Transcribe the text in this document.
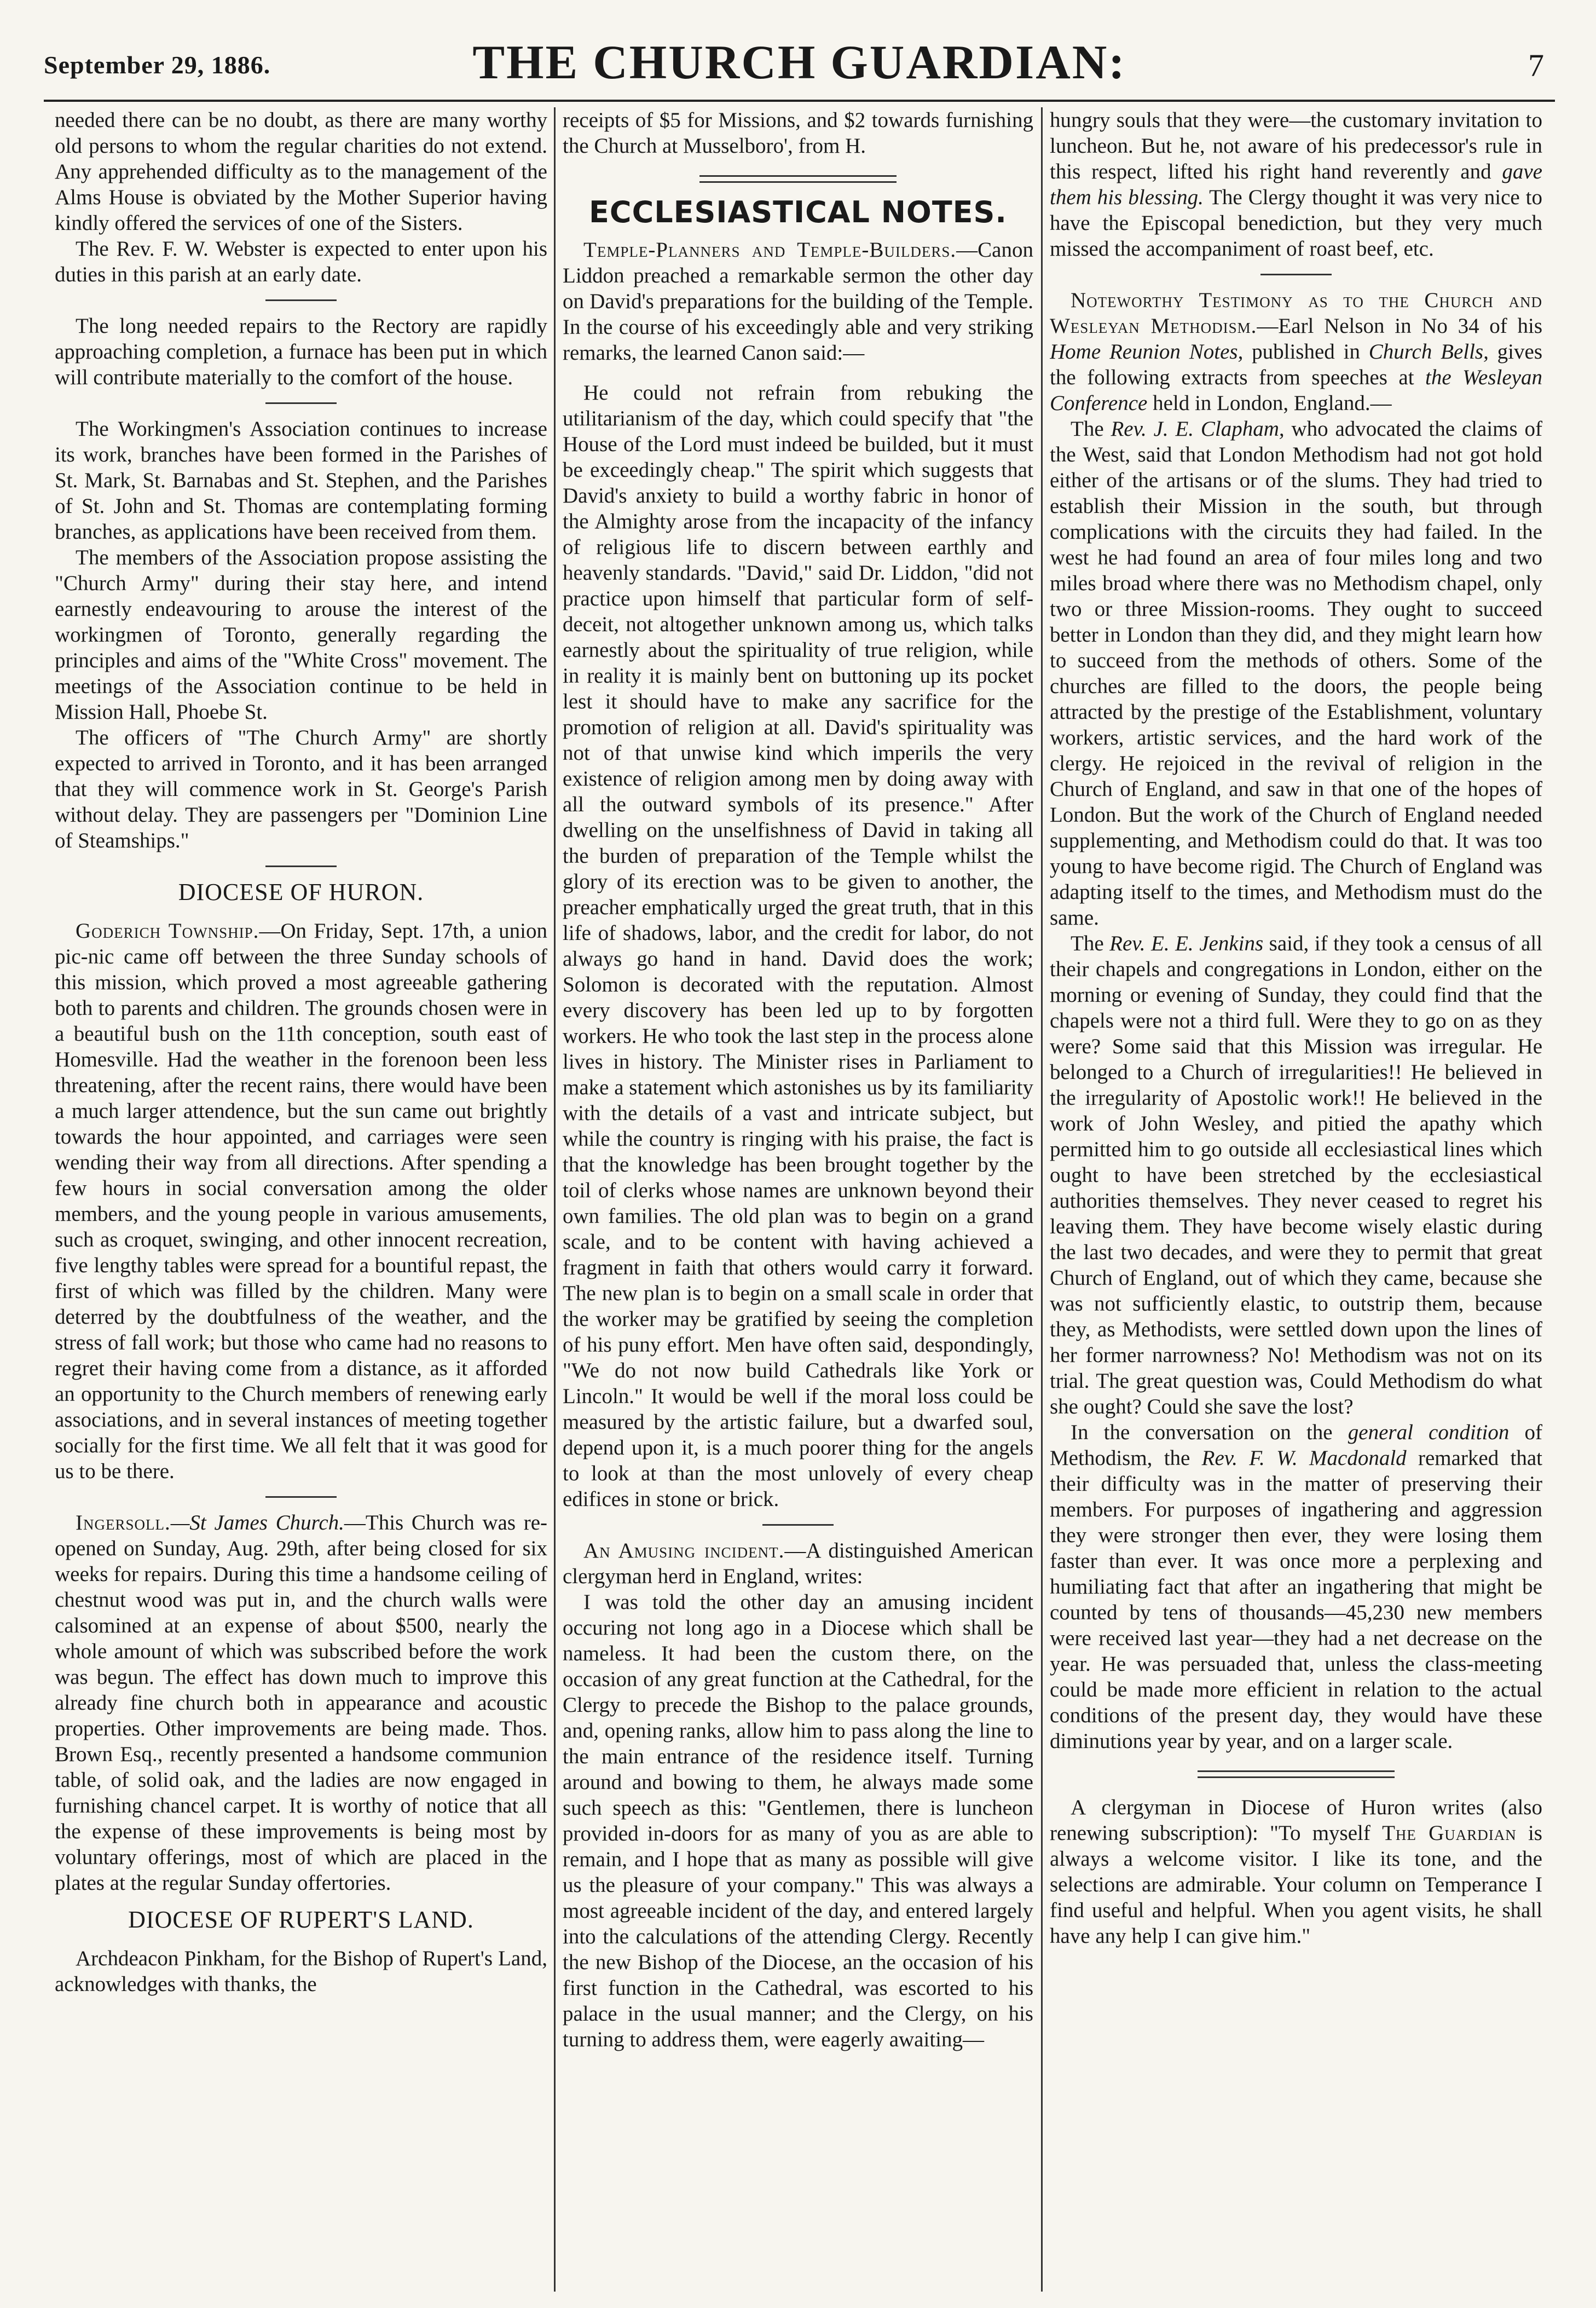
September 29, 1886.	THE CHURCH GUARDIAN:	7

needed there can be no doubt, as there are many worthy old persons to whom the regular charities do not extend. Any apprehended difficulty as to the management of the Alms House is obviated by the Mother Superior having kindly offered the services of one of the Sisters.

The Rev. F. W. Webster is expected to enter upon his duties in this parish at an early date.

The long needed repairs to the Rectory are rapidly approaching completion, a furnace has been put in which will contribute materially to the comfort of the house.

The Workingmen's Association continues to increase its work, branches have been formed in the Parishes of St. Mark, St. Barnabas and St. Stephen, and the Parishes of St. John and St. Thomas are contemplating forming branches, as applications have been received from them.

The members of the Association propose assisting the "Church Army" during their stay here, and intend earnestly endeavouring to arouse the interest of the workingmen of Toronto, generally regarding the principles and aims of the "White Cross" movement. The meetings of the Association continue to be held in Mission Hall, Phoebe St.

The officers of "The Church Army" are shortly expected to arrived in Toronto, and it has been arranged that they will commence work in St. George's Parish without delay. They are passengers per "Dominion Line of Steamships."

DIOCESE OF HURON.

Goderich Township.—On Friday, Sept. 17th, a union pic-nic came off between the three Sunday schools of this mission, which proved a most agreeable gathering both to parents and children. The grounds chosen were in a beautiful bush on the 11th conception, south east of Homesville. Had the weather in the forenoon been less threatening, after the recent rains, there would have been a much larger attendence, but the sun came out brightly towards the hour appointed, and carriages were seen wending their way from all directions. After spending a few hours in social conversation among the older members, and the young people in various amusements, such as croquet, swinging, and other innocent recreation, five lengthy tables were spread for a bountiful repast, the first of which was filled by the children. Many were deterred by the doubtfulness of the weather, and the stress of fall work; but those who came had no reasons to regret their having come from a distance, as it afforded an opportunity to the Church members of renewing early associations, and in several instances of meeting together socially for the first time. We all felt that it was good for us to be there.

Ingersoll.—St James Church.—This Church was re-opened on Sunday, Aug. 29th, after being closed for six weeks for repairs. During this time a handsome ceiling of chestnut wood was put in, and the church walls were calsomined at an expense of about $500, nearly the whole amount of which was subscribed before the work was begun. The effect has down much to improve this already fine church both in appearance and acoustic properties. Other improvements are being made. Thos. Brown Esq., recently presented a handsome communion table, of solid oak, and the ladies are now engaged in furnishing chancel carpet. It is worthy of notice that all the expense of these improvements is being most by voluntary offerings, most of which are placed in the plates at the regular Sunday offertories.

DIOCESE OF RUPERT'S LAND.

Archdeacon Pinkham, for the Bishop of Rupert's Land, acknowledges with thanks, the

receipts of $5 for Missions, and $2 towards furnishing the Church at Musselboro', from H.

ECCLESIASTICAL NOTES.

Temple-Planners and Temple-Builders.—Canon Liddon preached a remarkable sermon the other day on David's preparations for the building of the Temple. In the course of his exceedingly able and very striking remarks, the learned Canon said:—

He could not refrain from rebuking the utilitarianism of the day, which could specify that "the House of the Lord must indeed be builded, but it must be exceedingly cheap." The spirit which suggests that David's anxiety to build a worthy fabric in honor of the Almighty arose from the incapacity of the infancy of religious life to discern between earthly and heavenly standards. "David," said Dr. Liddon, "did not practice upon himself that particular form of self-deceit, not altogether unknown among us, which talks earnestly about the spirituality of true religion, while in reality it is mainly bent on buttoning up its pocket lest it should have to make any sacrifice for the promotion of religion at all. David's spirituality was not of that unwise kind which imperils the very existence of religion among men by doing away with all the outward symbols of its presence." After dwelling on the unselfishness of David in taking all the burden of preparation of the Temple whilst the glory of its erection was to be given to another, the preacher emphatically urged the great truth, that in this life of shadows, labor, and the credit for labor, do not always go hand in hand. David does the work; Solomon is decorated with the reputation. Almost every discovery has been led up to by forgotten workers. He who took the last step in the process alone lives in history. The Minister rises in Parliament to make a statement which astonishes us by its familiarity with the details of a vast and intricate subject, but while the country is ringing with his praise, the fact is that the knowledge has been brought together by the toil of clerks whose names are unknown beyond their own families. The old plan was to begin on a grand scale, and to be content with having achieved a fragment in faith that others would carry it forward. The new plan is to begin on a small scale in order that the worker may be gratified by seeing the completion of his puny effort. Men have often said, despondingly, "We do not now build Cathedrals like York or Lincoln." It would be well if the moral loss could be measured by the artistic failure, but a dwarfed soul, depend upon it, is a much poorer thing for the angels to look at than the most unlovely of every cheap edifices in stone or brick.

An Amusing incident.—A distinguished American clergyman herd in England, writes:

I was told the other day an amusing incident occuring not long ago in a Diocese which shall be nameless. It had been the custom there, on the occasion of any great function at the Cathedral, for the Clergy to precede the Bishop to the palace grounds, and, opening ranks, allow him to pass along the line to the main entrance of the residence itself. Turning around and bowing to them, he always made some such speech as this: "Gentlemen, there is luncheon provided in-doors for as many of you as are able to remain, and I hope that as many as possible will give us the pleasure of your company." This was always a most agreeable incident of the day, and entered largely into the calculations of the attending Clergy. Recently the new Bishop of the Diocese, an the occasion of his first function in the Cathedral, was escorted to his palace in the usual manner; and the Clergy, on his turning to address them, were eagerly awaiting—

hungry souls that they were—the customary invitation to luncheon. But he, not aware of his predecessor's rule in this respect, lifted his right hand reverently and gave them his blessing. The Clergy thought it was very nice to have the Episcopal benediction, but they very much missed the accompaniment of roast beef, etc.

Noteworthy Testimony as to the Church and Wesleyan Methodism.—Earl Nelson in No 34 of his Home Reunion Notes, published in Church Bells, gives the following extracts from speeches at the Wesleyan Conference held in London, England.—

The Rev. J. E. Clapham, who advocated the claims of the West, said that London Methodism had not got hold either of the artisans or of the slums. They had tried to establish their Mission in the south, but through complications with the circuits they had failed. In the west he had found an area of four miles long and two miles broad where there was no Methodism chapel, only two or three Mission-rooms. They ought to succeed better in London than they did, and they might learn how to succeed from the methods of others. Some of the churches are filled to the doors, the people being attracted by the prestige of the Establishment, voluntary workers, artistic services, and the hard work of the clergy. He rejoiced in the revival of religion in the Church of England, and saw in that one of the hopes of London. But the work of the Church of England needed supplementing, and Methodism could do that. It was too young to have become rigid. The Church of England was adapting itself to the times, and Methodism must do the same.

The Rev. E. E. Jenkins said, if they took a census of all their chapels and congregations in London, either on the morning or evening of Sunday, they could find that the chapels were not a third full. Were they to go on as they were? Some said that this Mission was irregular. He belonged to a Church of irregularities!! He believed in the irregularity of Apostolic work!! He believed in the work of John Wesley, and pitied the apathy which permitted him to go outside all ecclesiastical lines which ought to have been stretched by the ecclesiastical authorities themselves. They never ceased to regret his leaving them. They have become wisely elastic during the last two decades, and were they to permit that great Church of England, out of which they came, because she was not sufficiently elastic, to outstrip them, because they, as Methodists, were settled down upon the lines of her former narrowness? No! Methodism was not on its trial. The great question was, Could Methodism do what she ought? Could she save the lost?

In the conversation on the general condition of Methodism, the Rev. F. W. Macdonald remarked that their difficulty was in the matter of preserving their members. For purposes of ingathering and aggression they were stronger then ever, they were losing them faster than ever. It was once more a perplexing and humiliating fact that after an ingathering that might be counted by tens of thousands—45,230 new members were received last year—they had a net decrease on the year. He was persuaded that, unless the class-meeting could be made more efficient in relation to the actual conditions of the present day, they would have these diminutions year by year, and on a larger scale.

A clergyman in Diocese of Huron writes (also renewing subscription): "To myself The Guardian is always a welcome visitor. I like its tone, and the selections are admirable. Your column on Temperance I find useful and helpful. When you agent visits, he shall have any help I can give him."
